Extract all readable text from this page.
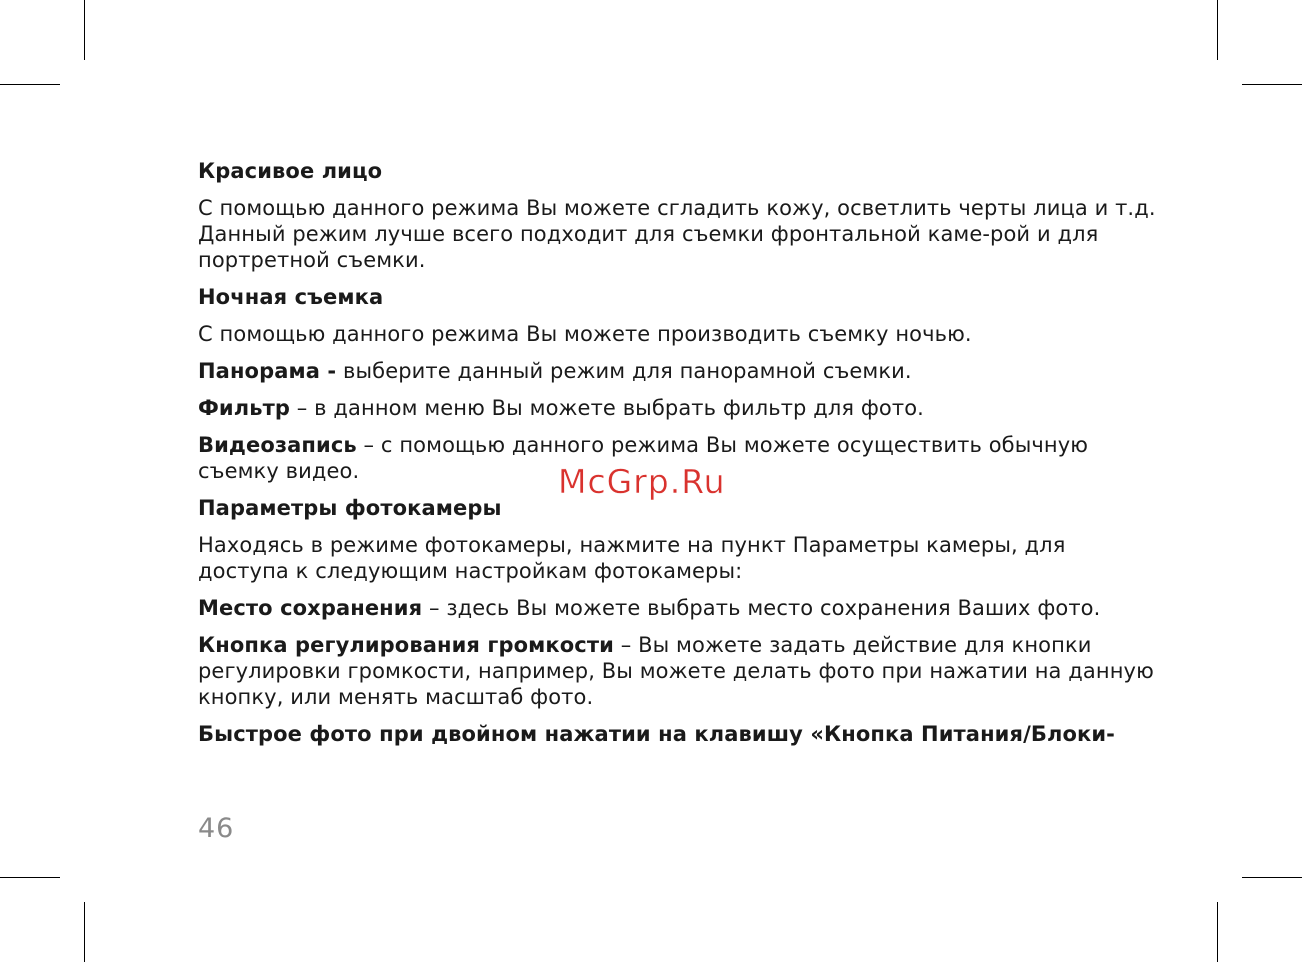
Красивое лицо

С помощью данного режима Вы можете сгладить кожу, осветлить черты лица и т.д. Данный режим лучше всего подходит для съемки фронтальной каме-рой и для портретной съемки.

Ночная съемка

С помощью данного режима Вы можете производить съемку ночью.

Панорама - выберите данный режим для панорамной съемки.

Фильтр – в данном меню Вы можете выбрать фильтр для фото.

Видеозапись – с помощью данного режима Вы можете осуществить обычную съемку видео.

Параметры фотокамеры

Находясь в режиме фотокамеры, нажмите на пункт Параметры камеры, для доступа к следующим настройкам фотокамеры:

Место сохранения – здесь Вы можете выбрать место сохранения Ваших фото.

Кнопка регулирования громкости – Вы можете задать действие для кнопки регулировки громкости, например, Вы можете делать фото при нажатии на данную кнопку, или менять масштаб фото.

Быстрое фото при двойном нажатии на клавишу «Кнопка Питания/Блоки-

McGrp.Ru
46
